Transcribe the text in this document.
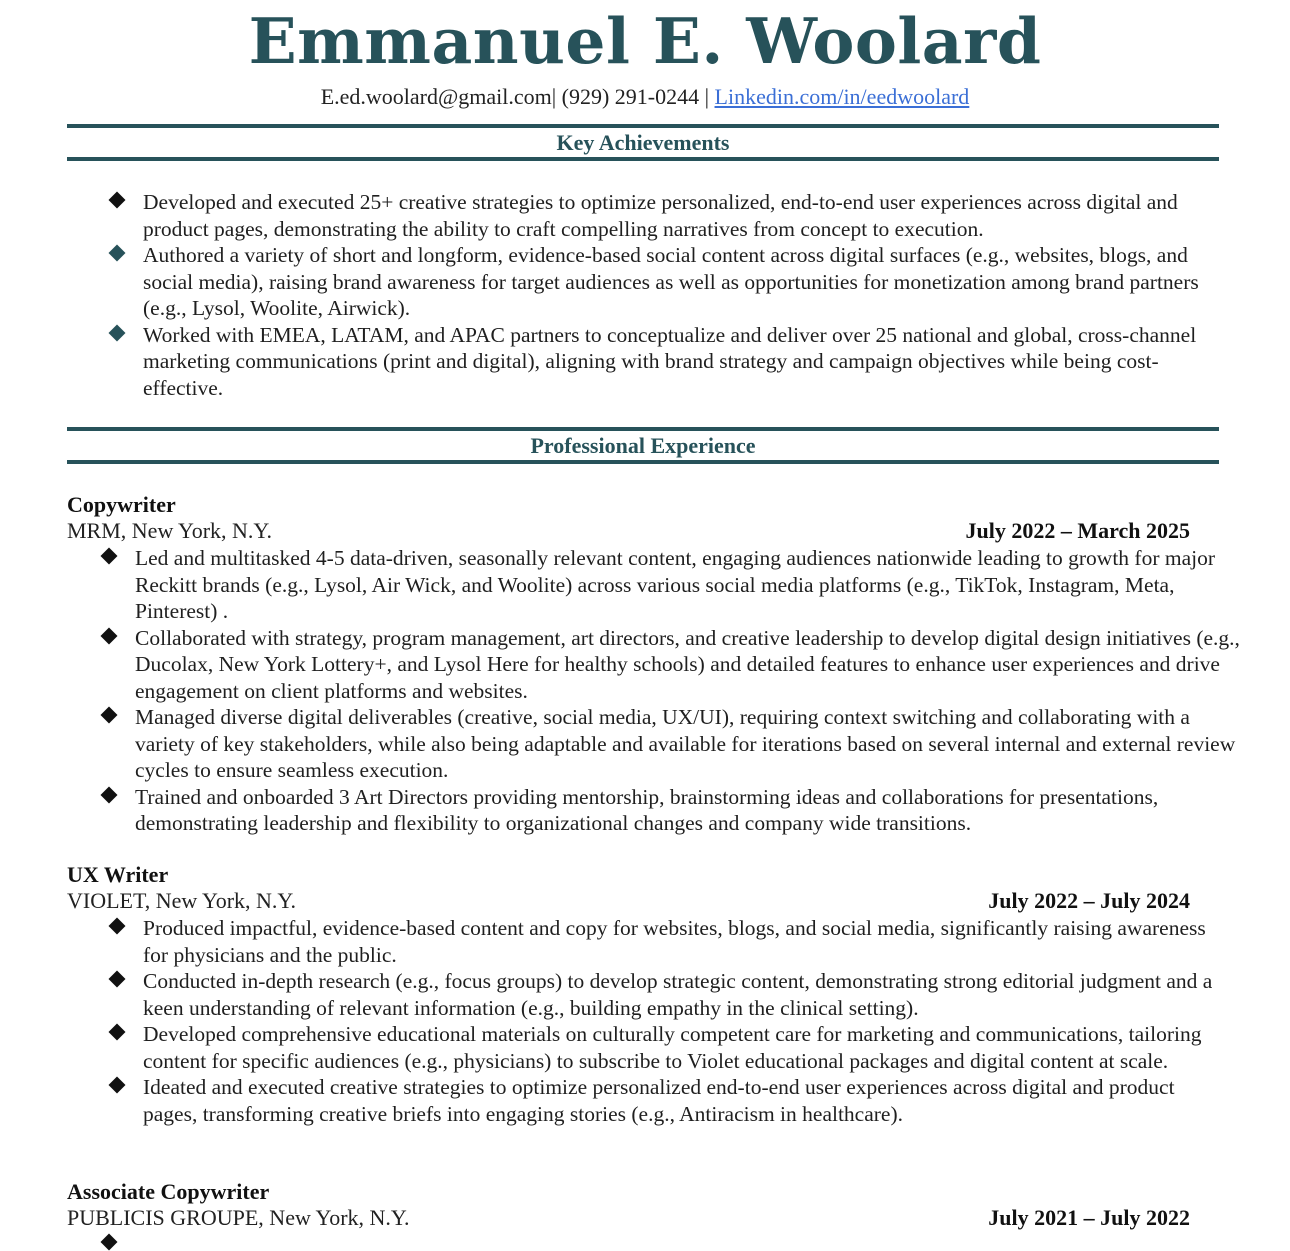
Emmanuel E. Woolard
E.ed.woolard@gmail.com| (929) 291-0244 | Linkedin.com/in/eedwoolard
Key Achievements
Developed and executed 25+ creative strategies to optimize personalized, end-to-end user experiences across digital and product pages, demonstrating the ability to craft compelling narratives from concept to execution.
Authored a variety of short and longform, evidence-based social content across digital surfaces (e.g., websites, blogs, and social media), raising brand awareness for target audiences as well as opportunities for monetization among brand partners (e.g., Lysol, Woolite, Airwick).
Worked with EMEA, LATAM, and APAC partners to conceptualize and deliver over 25 national and global, cross-channel marketing communications (print and digital), aligning with brand strategy and campaign objectives while being cost-effective.
Professional Experience
Copywriter
MRM, New York, N.Y.	July 2022 – March 2025
Led and multitasked 4-5 data-driven, seasonally relevant content, engaging audiences nationwide leading to growth for major Reckitt brands (e.g., Lysol, Air Wick, and Woolite) across various social media platforms (e.g., TikTok, Instagram, Meta, Pinterest) .
Collaborated with strategy, program management, art directors, and creative leadership to develop digital design initiatives (e.g., Ducolax, New York Lottery+, and Lysol Here for healthy schools) and detailed features to enhance user experiences and drive engagement on client platforms and websites.
Managed diverse digital deliverables (creative, social media, UX/UI), requiring context switching and collaborating with a variety of key stakeholders, while also being adaptable and available for iterations based on several internal and external review cycles to ensure seamless execution.
Trained and onboarded 3 Art Directors providing mentorship, brainstorming ideas and collaborations for presentations, demonstrating leadership and flexibility to organizational changes and company wide transitions.
UX Writer
VIOLET, New York, N.Y.	July 2022 – July 2024
Produced impactful, evidence-based content and copy for websites, blogs, and social media, significantly raising awareness for physicians and the public.
Conducted in-depth research (e.g., focus groups) to develop strategic content, demonstrating strong editorial judgment and a keen understanding of relevant information (e.g., building empathy in the clinical setting).
Developed comprehensive educational materials on culturally competent care for marketing and communications, tailoring content for specific audiences (e.g., physicians) to subscribe to Violet educational packages and digital content at scale.
Ideated and executed creative strategies to optimize personalized end-to-end user experiences across digital and product pages, transforming creative briefs into engaging stories (e.g., Antiracism in healthcare).
Associate Copywriter
PUBLICIS GROUPE, New York, N.Y.	July 2021 – July 2022
